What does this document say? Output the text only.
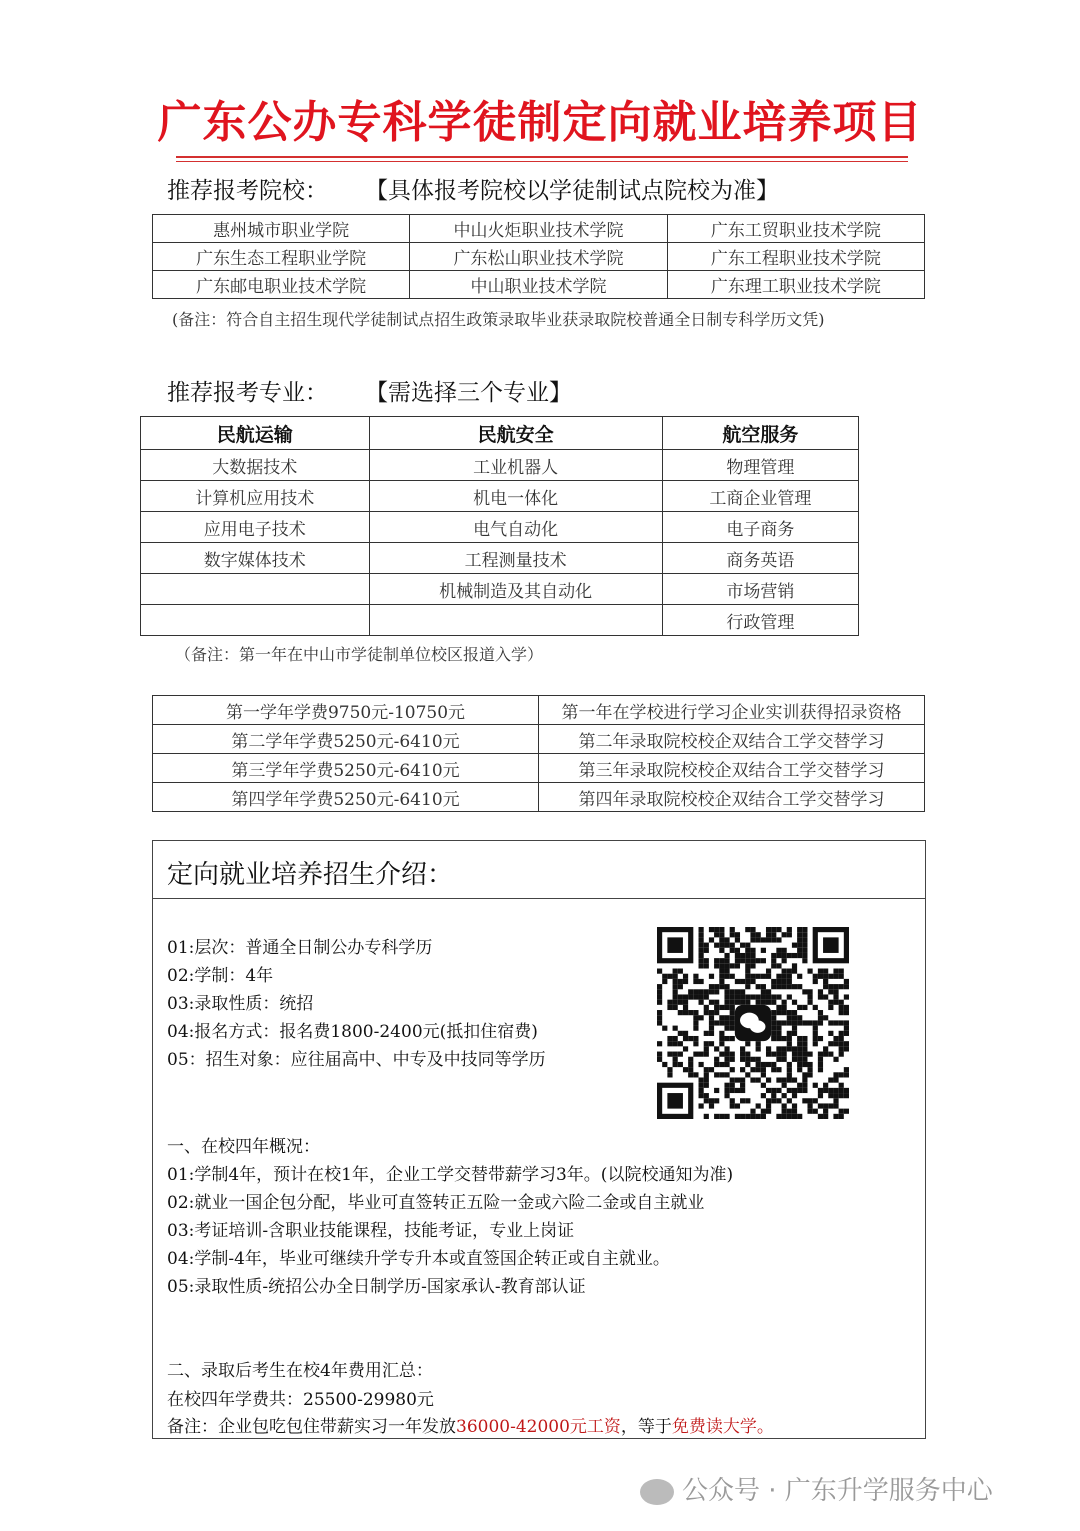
广东公办专科学徒制定向就业培养项目
推荐报考院校： 【具体报考院校以学徒制试点院校为准】
惠州城市职业学院	中山火炬职业技术学院	广东工贸职业技术学院
广东生态工程职业学院	广东松山职业技术学院	广东工程职业技术学院
广东邮电职业技术学院	中山职业技术学院	广东理工职业技术学院
(备注：符合自主招生现代学徒制试点招生政策录取毕业获录取院校普通全日制专科学历文凭)
推荐报考专业： 【需选择三个专业】
民航运输	民航安全	航空服务
大数据技术	工业机器人	物理管理
计算机应用技术	机电一体化	工商企业管理
应用电子技术	电气自动化	电子商务
数字媒体技术	工程测量技术	商务英语
	机械制造及其自动化	市场营销
		行政管理
（备注：第一年在中山市学徒制单位校区报道入学）
第一学年学费9750元-10750元	第一年在学校进行学习企业实训获得招录资格
第二学年学费5250元-6410元	第二年录取院校校企双结合工学交替学习
第三学年学费5250元-6410元	第三年录取院校校企双结合工学交替学习
第四学年学费5250元-6410元	第四年录取院校校企双结合工学交替学习
定向就业培养招生介绍：
01:层次：普通全日制公办专科学历
02:学制：4年
03:录取性质：统招
04:报名方式：报名费1800-2400元(抵扣住宿费)
05：招生对象：应往届高中、中专及中技同等学历
一、在校四年概况：
01:学制4年，预计在校1年，企业工学交替带薪学习3年。(以院校通知为准)
02:就业一国企包分配，毕业可直签转正五险一金或六险二金或自主就业
03:考证培训-含职业技能课程，技能考证，专业上岗证
04:学制-4年，毕业可继续升学专升本或直签国企转正或自主就业。
05:录取性质-统招公办全日制学历-国家承认-教育部认证
二、录取后考生在校4年费用汇总：
在校四年学费共：25500-29980元
备注：企业包吃包住带薪实习一年发放36000-42000元工资，等于免费读大学。
公众号 · 广东升学服务中心
